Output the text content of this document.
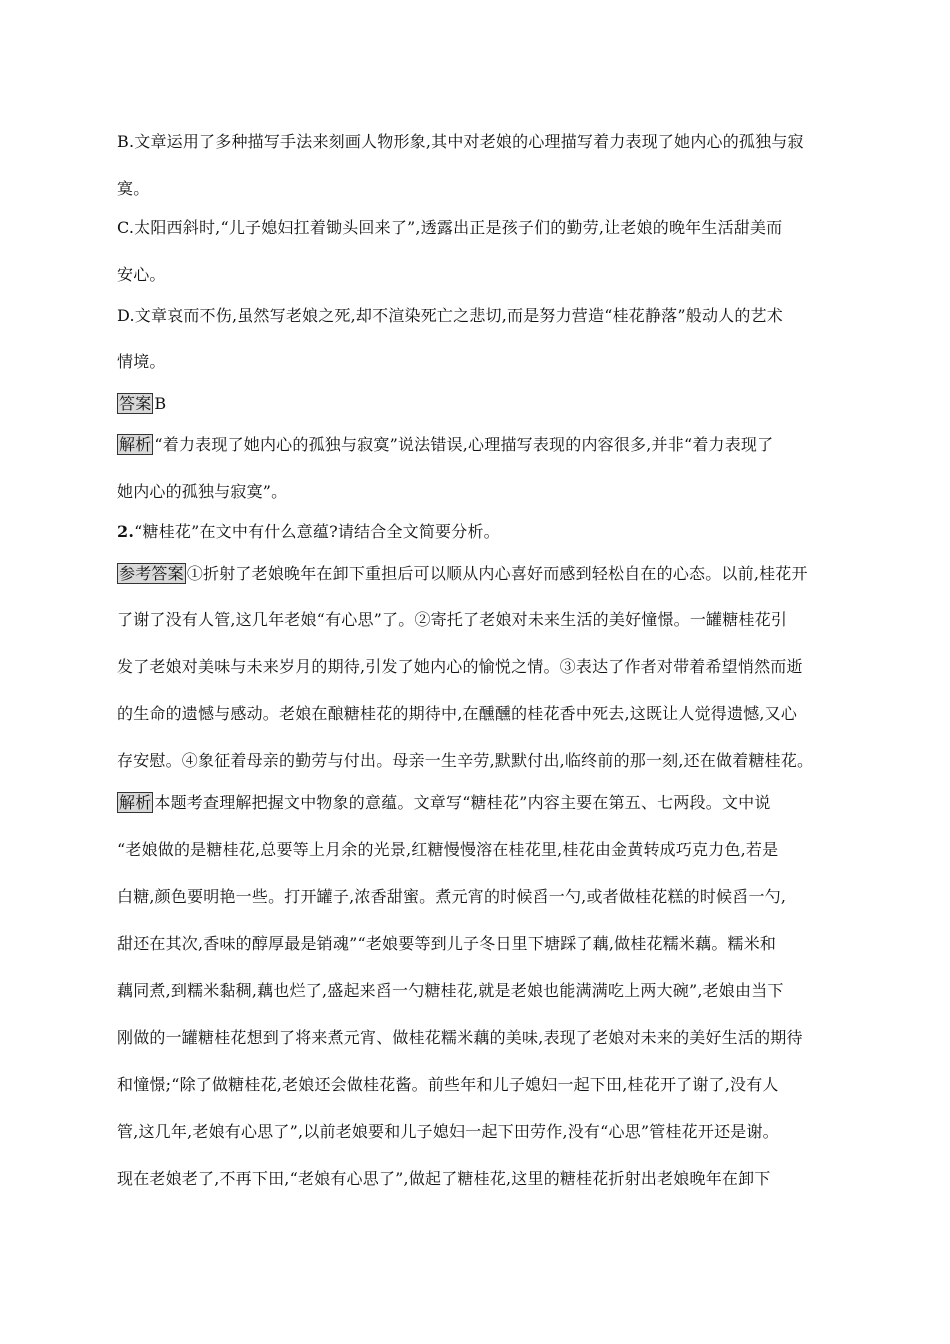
B.文章运用了多种描写手法来刻画人物形象,其中对老娘的心理描写着力表现了她内心的孤独与寂
寞。
C.太阳西斜时,“儿子媳妇扛着锄头回来了”,透露出正是孩子们的勤劳,让老娘的晚年生活甜美而
安心。
D.文章哀而不伤,虽然写老娘之死,却不渲染死亡之悲切,而是努力营造“桂花静落”般动人的艺术
情境。
答案 B
解析 “着力表现了她内心的孤独与寂寞”说法错误,心理描写表现的内容很多,并非“着力表现了
她内心的孤独与寂寞”。
2.“糖桂花”在文中有什么意蕴?请结合全文简要分析。
参考答案 ①折射了老娘晚年在卸下重担后可以顺从内心喜好而感到轻松自在的心态。以前,桂花开
了谢了没有人管,这几年老娘“有心思”了。②寄托了老娘对未来生活的美好憧憬。一罐糖桂花引
发了老娘对美味与未来岁月的期待,引发了她内心的愉悦之情。③表达了作者对带着希望悄然而逝
的生命的遗憾与感动。老娘在酿糖桂花的期待中,在醺醺的桂花香中死去,这既让人觉得遗憾,又心
存安慰。④象征着母亲的勤劳与付出。母亲一生辛劳,默默付出,临终前的那一刻,还在做着糖桂花。
解析 本题考查理解把握文中物象的意蕴。文章写“糖桂花”内容主要在第五、七两段。文中说
“老娘做的是糖桂花,总要等上月余的光景,红糖慢慢溶在桂花里,桂花由金黄转成巧克力色,若是
白糖,颜色要明艳一些。打开罐子,浓香甜蜜。煮元宵的时候舀一勺,或者做桂花糕的时候舀一勺,
甜还在其次,香味的醇厚最是销魂”“老娘要等到儿子冬日里下塘踩了藕,做桂花糯米藕。糯米和
藕同煮,到糯米黏稠,藕也烂了,盛起来舀一勺糖桂花,就是老娘也能满满吃上两大碗”,老娘由当下
刚做的一罐糖桂花想到了将来煮元宵、做桂花糯米藕的美味,表现了老娘对未来的美好生活的期待
和憧憬;“除了做糖桂花,老娘还会做桂花酱。前些年和儿子媳妇一起下田,桂花开了谢了,没有人
管,这几年,老娘有心思了”,以前老娘要和儿子媳妇一起下田劳作,没有“心思”管桂花开还是谢。
现在老娘老了,不再下田,“老娘有心思了”,做起了糖桂花,这里的糖桂花折射出老娘晚年在卸下
